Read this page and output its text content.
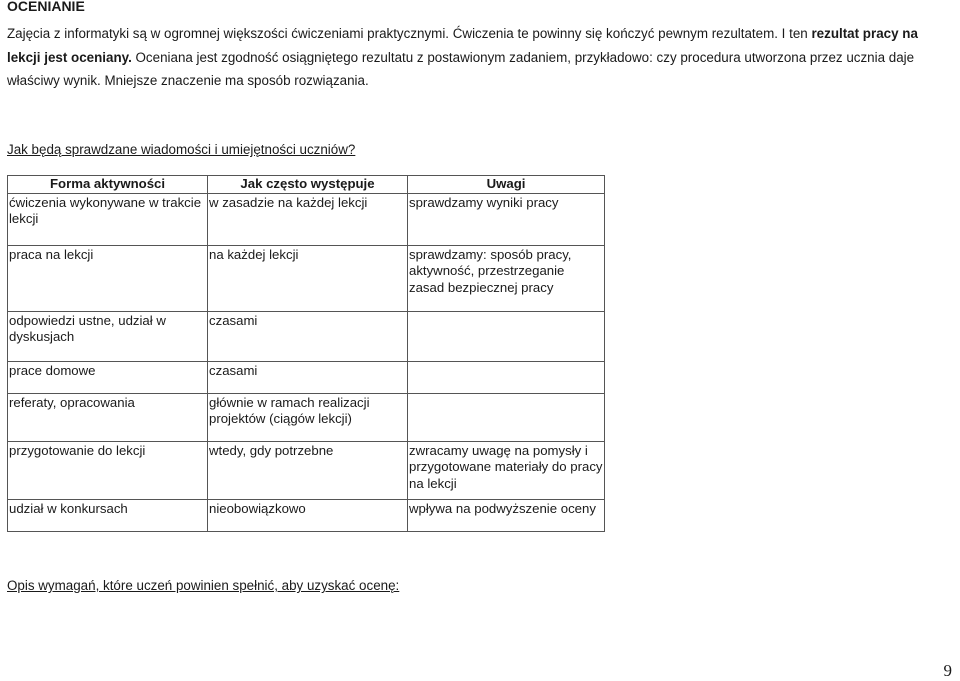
OCENIANIE
Zajęcia z informatyki są w ogromnej większości ćwiczeniami praktycznymi. Ćwiczenia te powinny się kończyć pewnym rezultatem. I ten rezultat pracy na lekcji jest oceniany. Oceniana jest zgodność osiągniętego rezultatu z postawionym zadaniem, przykładowo: czy procedura utworzona przez ucznia daje właściwy wynik. Mniejsze znaczenie ma sposób rozwiązania.
Jak będą sprawdzane wiadomości i umiejętności uczniów?
Forma aktywności	Jak często występuje	Uwagi
ćwiczenia wykonywane w trakcie lekcji	w zasadzie na każdej lekcji	sprawdzamy wyniki pracy
praca na lekcji	na każdej lekcji	sprawdzamy: sposób pracy, aktywność, przestrzeganie zasad bezpiecznej pracy
odpowiedzi ustne, udział w dyskusjach	czasami	
prace domowe	czasami	
referaty, opracowania	głównie w ramach realizacji projektów (ciągów lekcji)	
przygotowanie do lekcji	wtedy, gdy potrzebne	zwracamy uwagę na pomysły i przygotowane materiały do pracy na lekcji
udział w konkursach	nieobowiązkowo	wpływa na podwyższenie oceny
Opis wymagań, które uczeń powinien spełnić, aby uzyskać ocenę:
9
